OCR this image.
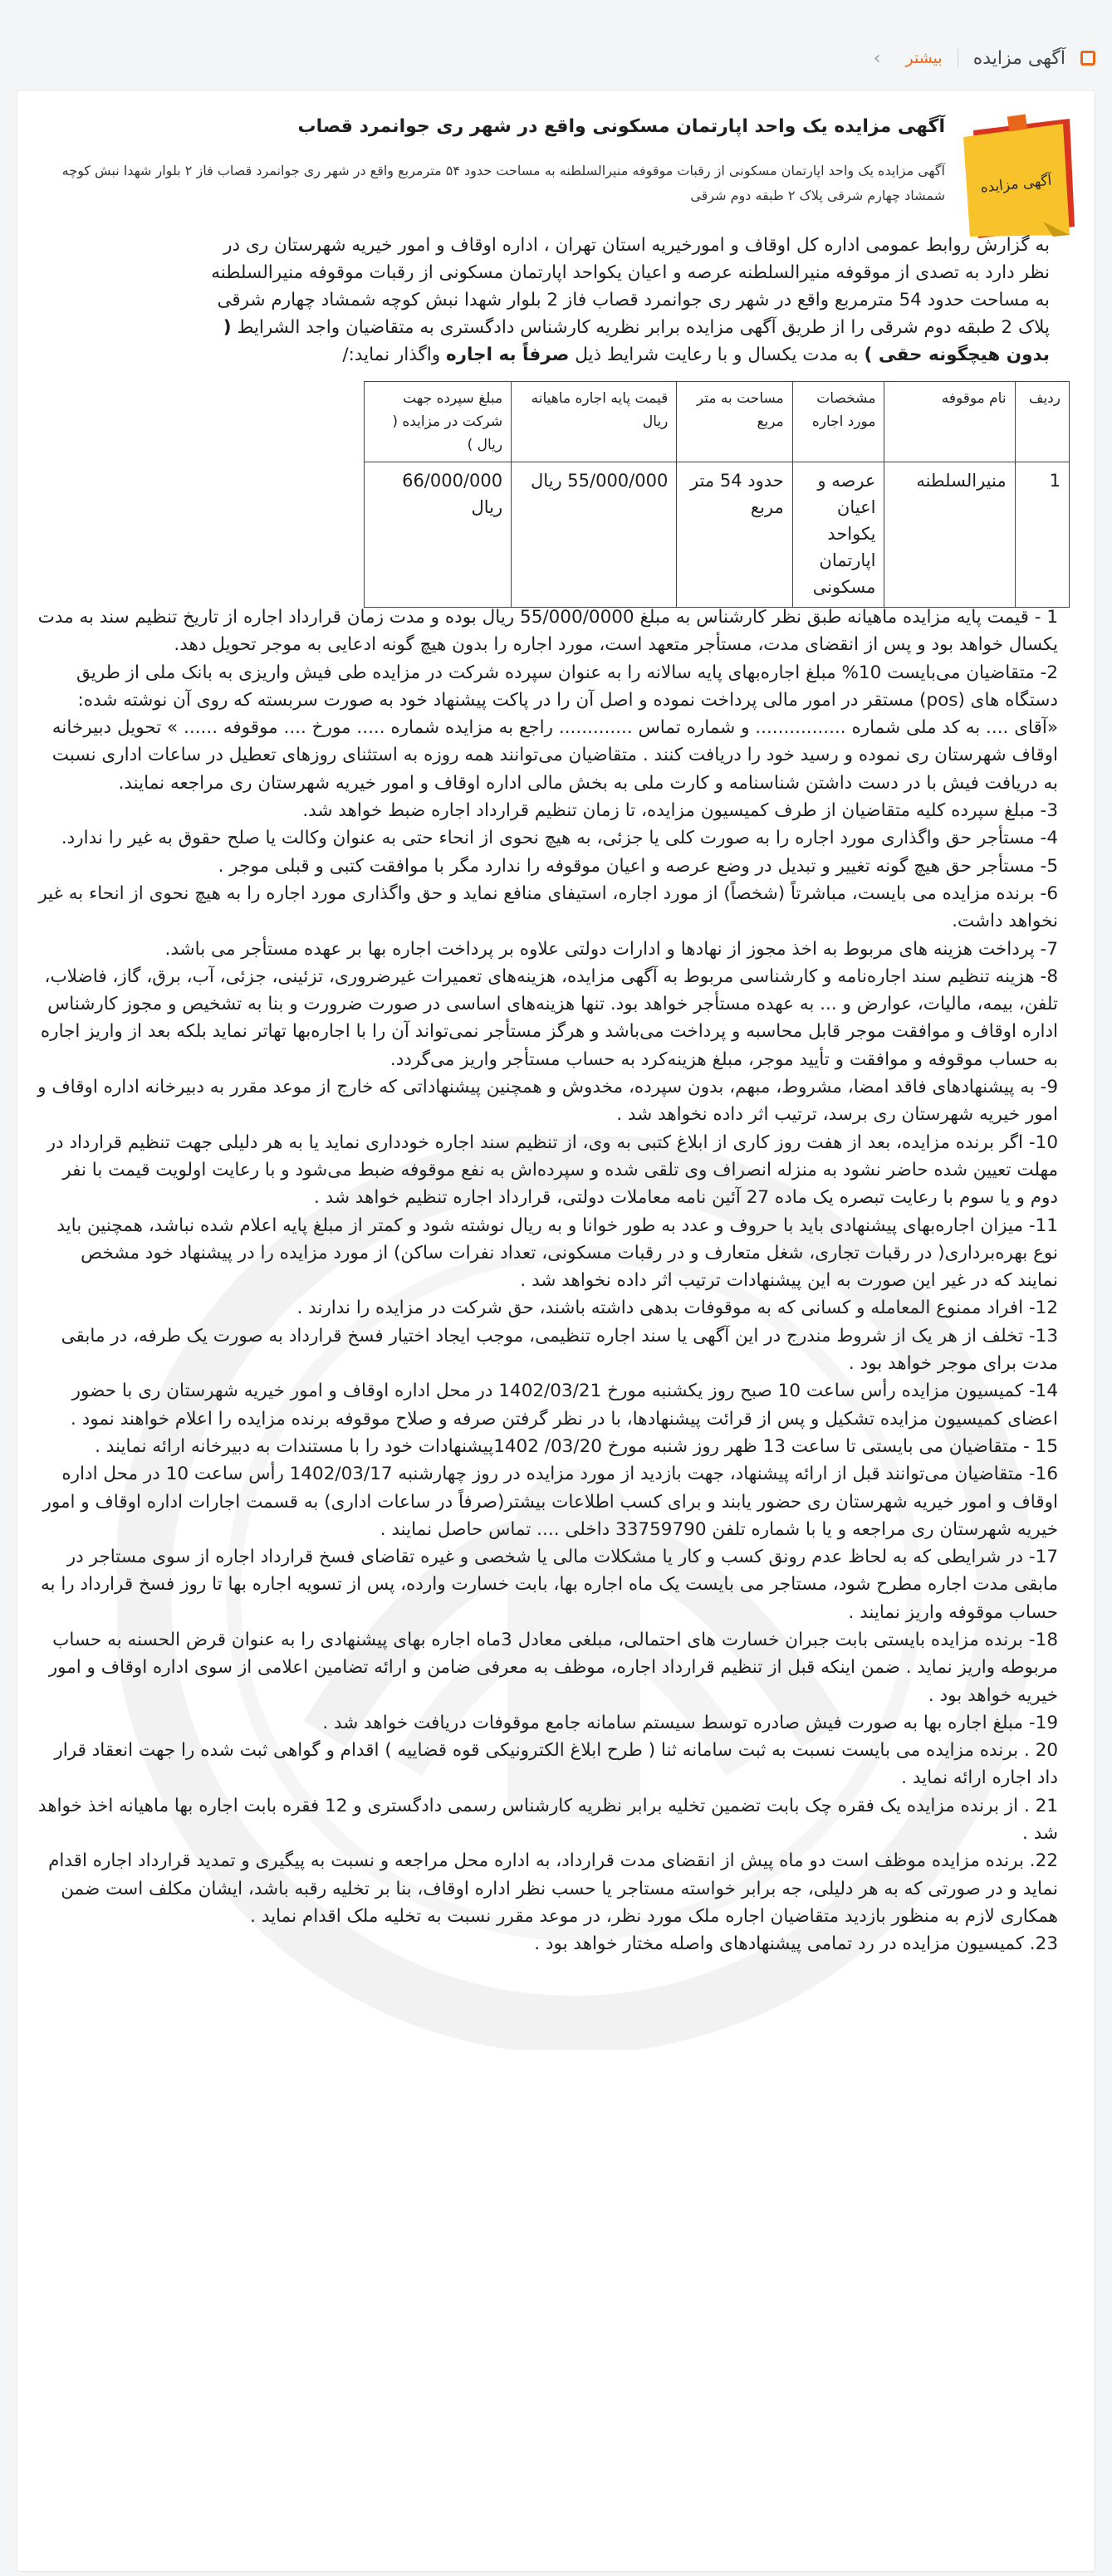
آگهی مزایده
بیشتر
›
آگهی مزایده
آگهی مزایده یک واحد اپارتمان مسکونی واقع در شهر ری جوانمرد قصاب

آگهی مزایده یک واحد اپارتمان مسکونی از رقبات موقوفه منیرالسلطنه به مساحت حدود ۵۴ مترمربع واقع در شهر ری جوانمرد قصاب فاز ۲ بلوار شهدا نبش کوچه شمشاد چهارم شرقی پلاک ۲ طبقه دوم شرقی

به گزارش روابط عمومی اداره کل اوقاف و امورخیریه استان تهران ، اداره اوقاف و امور خیریه شهرستان ری در نظر دارد به تصدی از موقوفه منیرالسلطنه عرصه و اعیان یکواحد اپارتمان مسکونی از رقبات موقوفه منیرالسلطنه به مساحت حدود 54 مترمربع واقع در شهر ری جوانمرد قصاب فاز 2 بلوار شهدا نبش کوچه شمشاد چهارم شرقی پلاک 2 طبقه دوم شرقی را از طریق آگهی مزایده برابر نظریه کارشناس دادگستری به متقاضیان واجد الشرایط ( بدون هیچگونه حقی ) به مدت یکسال و با رعایت شرایط ذیل صرفاً به اجاره واگذار نماید:/

ردیف	نام موقوفه	مشخصات مورد اجاره	مساحت به متر مربع	قیمت پایه اجاره ماهیانه ریال	مبلغ سپرده جهت شرکت در مزایده ( ریال )
1	منیرالسلطنه	عرصه و اعیان یکواحد اپارتمان مسکونی	حدود 54 متر مربع	55/000/000 ریال	66/000/000 ریال

1 - قیمت پایه مزایده ماهیانه طبق نظر کارشناس به مبلغ 55/000/0000 ریال بوده و مدت زمان قرارداد اجاره از تاریخ تنظیم سند به مدت یکسال خواهد بود و پس از انقضای مدت، مستأجر متعهد است، مورد اجاره را بدون هیچ گونه ادعایی به موجر تحویل دهد.

2- متقاضیان می‌بایست 10% مبلغ اجاره‌بهای پایه سالانه را به عنوان سپرده شرکت در مزایده طی فیش واریزی به بانک ملی از طریق دستگاه های (pos) مستقر در امور مالی پرداخت نموده و اصل آن را در پاکت پیشنهاد خود به صورت سربسته که روی آن نوشته شده: «آقای .... به کد ملی شماره ................ و شماره تماس ............. راجع به مزایده شماره ..... مورخ .... موقوفه ...... » تحویل دبیرخانه اوقاف شهرستان ری نموده و رسید خود را دریافت کنند . متقاضیان می‌توانند همه روزه به استثنای روزهای تعطیل در ساعات اداری نسبت به دریافت فیش با در دست داشتن شناسنامه و کارت ملی به بخش مالی اداره اوقاف و امور خیریه شهرستان ری مراجعه نمایند.

3- مبلغ سپرده کلیه متقاضیان از طرف کمیسیون مزایده، تا زمان تنظیم قرارداد اجاره ضبط خواهد شد.

4- مستأجر حق واگذاری مورد اجاره را به صورت کلی یا جزئی، به هیچ نحوی از انحاء حتی به عنوان وکالت یا صلح حقوق به غیر را ندارد.

5- مستأجر حق هیچ گونه تغییر و تبدیل در وضع عرصه و اعیان موقوفه را ندارد مگر با موافقت کتبی و قبلی موجر .

6- برنده مزایده می بایست، مباشرتاً (شخصاً) از مورد اجاره، استیفای منافع نماید و حق واگذاری مورد اجاره را به هیچ نحوی از انحاء به غیر نخواهد داشت.

7- پرداخت هزینه های مربوط به اخذ مجوز از نهادها و ادارات دولتی علاوه بر پرداخت اجاره بها بر عهده مستأجر می باشد.

8- هزینه تنظیم سند اجاره‌نامه و کارشناسی مربوط به آگهی مزایده، هزینه‌های تعمیرات غیرضروری، تزئینی، جزئی، آب، برق، گاز، فاضلاب، تلفن، بیمه، مالیات، عوارض و ... به عهده مستأجر خواهد بود. تنها هزینه‌های اساسی در صورت ضرورت و بنا به تشخیص و مجوز کارشناس اداره اوقاف و موافقت موجر قابل محاسبه و پرداخت می‌باشد و هرگز مستأجر نمی‌تواند آن را با اجاره‌بها تهاتر نماید بلکه بعد از واریز اجاره به حساب موقوفه و موافقت و تأیید موجر، مبلغ هزینه‌کرد به حساب مستأجر واریز می‌گردد.

9- به پیشنهادهای فاقد امضا، مشروط، مبهم، بدون سپرده، مخدوش و همچنین پیشنهاداتی که خارج از موعد مقرر به دبیرخانه اداره اوقاف و امور خیریه شهرستان ری برسد، ترتیب اثر داده نخواهد شد .

10- اگر برنده مزایده، بعد از هفت روز کاری از ابلاغ کتبی به وی، از تنظیم سند اجاره خودداری نماید یا به هر دلیلی جهت تنظیم قرارداد در مهلت تعیین شده حاضر نشود به منزله انصراف وی تلقی شده و سپرده‌اش به نفع موقوفه ضبط می‌شود و با رعایت اولویت قیمت با نفر دوم و یا سوم با رعایت تبصره یک ماده 27 آئین نامه معاملات دولتی، قرارداد اجاره تنظیم خواهد شد .

11- میزان اجاره‌بهای پیشنهادی باید با حروف و عدد به طور خوانا و به ریال نوشته شود و کمتر از مبلغ پایه اعلام شده نباشد، همچنین باید نوع بهره‌برداری( در رقبات تجاری، شغل متعارف و در رقبات مسکونی، تعداد نفرات ساکن) از مورد مزایده را در پیشنهاد خود مشخص نمایند که در غیر این صورت به این پیشنهادات ترتیب اثر داده نخواهد شد .

12- افراد ممنوع المعامله و کسانی که به موقوفات بدهی داشته باشند، حق شرکت در مزایده را ندارند .

13- تخلف از هر یک از شروط مندرج در این آگهی یا سند اجاره تنظیمی، موجب ایجاد اختیار فسخ قرارداد به صورت یک طرفه، در مابقی مدت برای موجر خواهد بود .

14- کمیسیون مزایده رأس ساعت 10 صبح روز یکشنبه مورخ 1402/03/21 در محل اداره اوقاف و امور خیریه شهرستان ری با حضور اعضای کمیسیون مزایده تشکیل و پس از قرائت پیشنهادها، با در نظر گرفتن صرفه و صلاح موقوفه برنده مزایده را اعلام خواهند نمود .

15 - متقاضیان می بایستی تا ساعت 13 ظهر روز شنبه مورخ 03/20/ 1402پیشنهادات خود را با مستندات به دبیرخانه ارائه نمایند .

16- متقاضیان می‌توانند قبل از ارائه پیشنهاد، جهت بازدید از مورد مزایده در روز چهارشنبه 1402/03/17 رأس ساعت 10 در محل اداره اوقاف و امور خیریه شهرستان ری حضور یابند و برای کسب اطلاعات بیشتر(صرفاً در ساعات اداری) به قسمت اجارات اداره اوقاف و امور خیریه شهرستان ری مراجعه و یا با شماره تلفن 33759790 داخلی .... تماس حاصل نمایند .

17- در شرایطی که به لحاظ عدم رونق کسب و کار یا مشکلات مالی یا شخصی و غیره تقاضای فسخ قرارداد اجاره از سوی مستاجر در مابقی مدت اجاره مطرح شود، مستاجر می بایست یک ماه اجاره بها، بابت خسارت وارده، پس از تسویه اجاره بها تا روز فسخ قرارداد را به حساب موقوفه واریز نمایند .

18- برنده مزایده بایستی بابت جبران خسارت های احتمالی، مبلغی معادل 3ماه اجاره بهای پیشنهادی را به عنوان قرض الحسنه به حساب مربوطه واریز نماید . ضمن اینکه قبل از تنظیم قرارداد اجاره، موظف به معرفی ضامن و ارائه تضامین اعلامی از سوی اداره اوقاف و امور خیریه خواهد بود .

19- مبلغ اجاره بها به صورت فیش صادره توسط سیستم سامانه جامع موقوفات دریافت خواهد شد .

20 . برنده مزایده می بایست نسبت به ثبت سامانه ثنا ( طرح ابلاغ الکترونیکی قوه قضاییه ) اقدام و گواهی ثبت شده را جهت انعقاد قرار داد اجاره ارائه نماید .

21 . از برنده مزایده یک فقره چک بابت تضمین تخلیه برابر نظریه کارشناس رسمی دادگستری و 12 فقره بابت اجاره بها ماهیانه اخذ خواهد شد .

22. برنده مزایده موظف است دو ماه پیش از انقضای مدت قرارداد، به اداره محل مراجعه و نسبت به پیگیری و تمدید قرارداد اجاره اقدام نماید و در صورتی که به هر دلیلی، جه برابر خواسته مستاجر یا حسب نظر اداره اوقاف، بنا بر تخلیه رقبه باشد، ایشان مکلف است ضمن همکاری لازم به منظور بازدید متقاضیان اجاره ملک مورد نظر، در موعد مقرر نسبت به تخلیه ملک اقدام نماید .

23. کمیسیون مزایده در رد تمامی پیشنهادهای واصله مختار خواهد بود .
